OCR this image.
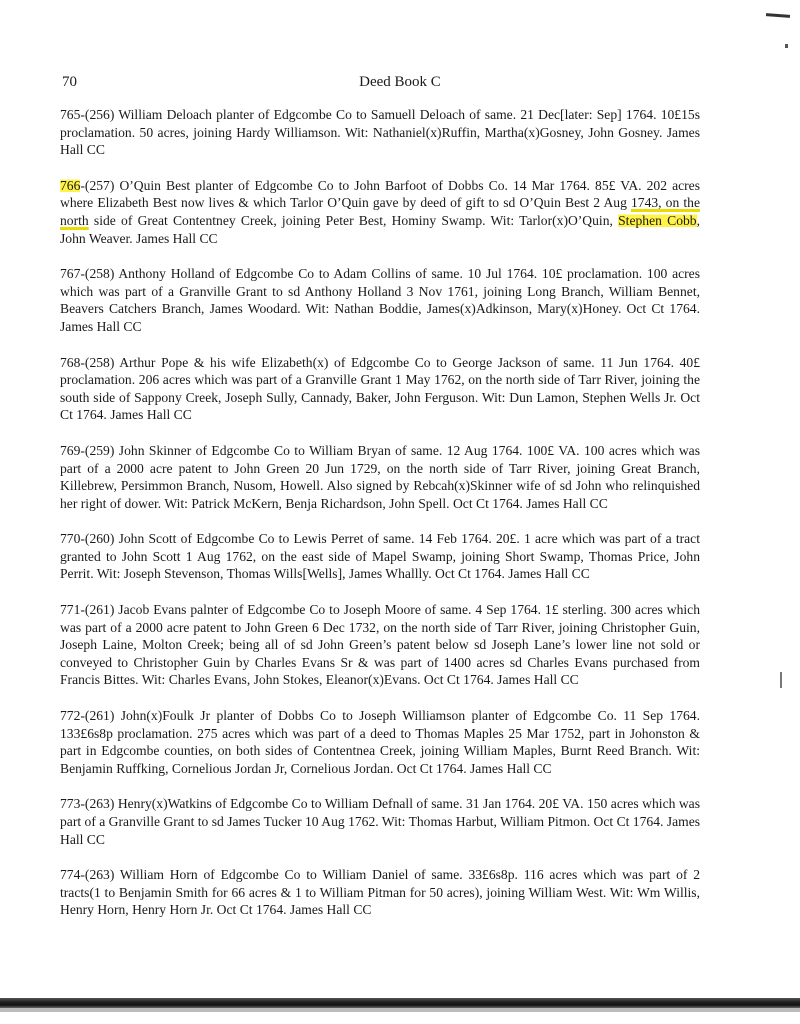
70	Deed Book C

765-(256) William Deloach planter of Edgcombe Co to Samuell Deloach of same. 21 Dec[later: Sep] 1764. 10£15s proclamation. 50 acres, joining Hardy Williamson. Wit: Nathaniel(x)Ruffin, Martha(x)Gosney, John Gosney. James Hall CC

766-(257) O’Quin Best planter of Edgcombe Co to John Barfoot of Dobbs Co. 14 Mar 1764. 85£ VA. 202 acres where Elizabeth Best now lives & which Tarlor O’Quin gave by deed of gift to sd O’Quin Best 2 Aug 1743, on the north side of Great Contentney Creek, joining Peter Best, Hominy Swamp. Wit: Tarlor(x)O’Quin, Stephen Cobb, John Weaver. James Hall CC

767-(258) Anthony Holland of Edgcombe Co to Adam Collins of same. 10 Jul 1764. 10£ proclamation. 100 acres which was part of a Granville Grant to sd Anthony Holland 3 Nov 1761, joining Long Branch, William Bennet, Beavers Catchers Branch, James Woodard. Wit: Nathan Boddie, James(x)Adkinson, Mary(x)Honey. Oct Ct 1764. James Hall CC

768-(258) Arthur Pope & his wife Elizabeth(x) of Edgcombe Co to George Jackson of same. 11 Jun 1764. 40£ proclamation. 206 acres which was part of a Granville Grant 1 May 1762, on the north side of Tarr River, joining the south side of Sappony Creek, Joseph Sully, Cannady, Baker, John Ferguson. Wit: Dun Lamon, Stephen Wells Jr. Oct Ct 1764. James Hall CC

769-(259) John Skinner of Edgcombe Co to William Bryan of same. 12 Aug 1764. 100£ VA. 100 acres which was part of a 2000 acre patent to John Green 20 Jun 1729, on the north side of Tarr River, joining Great Branch, Killebrew, Persimmon Branch, Nusom, Howell. Also signed by Rebcah(x)Skinner wife of sd John who relinquished her right of dower. Wit: Patrick McKern, Benja Richardson, John Spell. Oct Ct 1764. James Hall CC

770-(260) John Scott of Edgcombe Co to Lewis Perret of same. 14 Feb 1764. 20£. 1 acre which was part of a tract granted to John Scott 1 Aug 1762, on the east side of Mapel Swamp, joining Short Swamp, Thomas Price, John Perrit. Wit: Joseph Stevenson, Thomas Wills[Wells], James Whallly. Oct Ct 1764. James Hall CC

771-(261) Jacob Evans palnter of Edgcombe Co to Joseph Moore of same. 4 Sep 1764. 1£ sterling. 300 acres which was part of a 2000 acre patent to John Green 6 Dec 1732, on the north side of Tarr River, joining Christopher Guin, Joseph Laine, Molton Creek; being all of sd John Green’s patent below sd Joseph Lane’s lower line not sold or conveyed to Christopher Guin by Charles Evans Sr & was part of 1400 acres sd Charles Evans purchased from Francis Bittes. Wit: Charles Evans, John Stokes, Eleanor(x)Evans. Oct Ct 1764. James Hall CC

772-(261) John(x)Foulk Jr planter of Dobbs Co to Joseph Williamson planter of Edgcombe Co. 11 Sep 1764. 133£6s8p proclamation. 275 acres which was part of a deed to Thomas Maples 25 Mar 1752, part in Johonston & part in Edgcombe counties, on both sides of Contentnea Creek, joining William Maples, Burnt Reed Branch. Wit: Benjamin Ruffking, Cornelious Jordan Jr, Cornelious Jordan. Oct Ct 1764. James Hall CC

773-(263) Henry(x)Watkins of Edgcombe Co to William Defnall of same. 31 Jan 1764. 20£ VA. 150 acres which was part of a Granville Grant to sd James Tucker 10 Aug 1762. Wit: Thomas Harbut, William Pitmon. Oct Ct 1764. James Hall CC

774-(263) William Horn of Edgcombe Co to William Daniel of same. 33£6s8p. 116 acres which was part of 2 tracts(1 to Benjamin Smith for 66 acres & 1 to William Pitman for 50 acres), joining William West. Wit: Wm Willis, Henry Horn, Henry Horn Jr. Oct Ct 1764. James Hall CC
